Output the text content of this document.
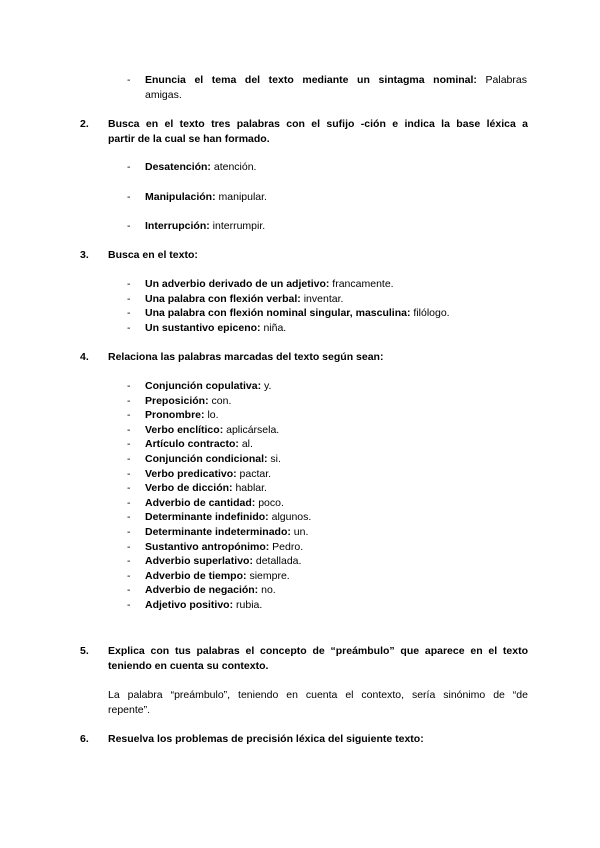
- Enuncia el tema del texto mediante un sintagma nominal: Palabras
amigas.
2. Busca en el texto tres palabras con el sufijo -ción e indica la base léxica a
partir de la cual se han formado.
- Desatención: atención.
- Manipulación: manipular.
- Interrupción: interrumpir.
3. Busca en el texto:
- Un adverbio derivado de un adjetivo: francamente.
- Una palabra con flexión verbal: inventar.
- Una palabra con flexión nominal singular, masculina: filólogo.
- Un sustantivo epiceno: niña.
4. Relaciona las palabras marcadas del texto según sean:
- Conjunción copulativa: y.
- Preposición: con.
- Pronombre: lo.
- Verbo enclítico: aplicársela.
- Artículo contracto: al.
- Conjunción condicional: si.
- Verbo predicativo: pactar.
- Verbo de dicción: hablar.
- Adverbio de cantidad: poco.
- Determinante indefinido: algunos.
- Determinante indeterminado: un.
- Sustantivo antropónimo: Pedro.
- Adverbio superlativo: detallada.
- Adverbio de tiempo: siempre.
- Adverbio de negación: no.
- Adjetivo positivo: rubia.
5. Explica con tus palabras el concepto de “preámbulo” que aparece en el texto
teniendo en cuenta su contexto.
La palabra “preámbulo”, teniendo en cuenta el contexto, sería sinónimo de “de
repente”.
6. Resuelva los problemas de precisión léxica del siguiente texto:
